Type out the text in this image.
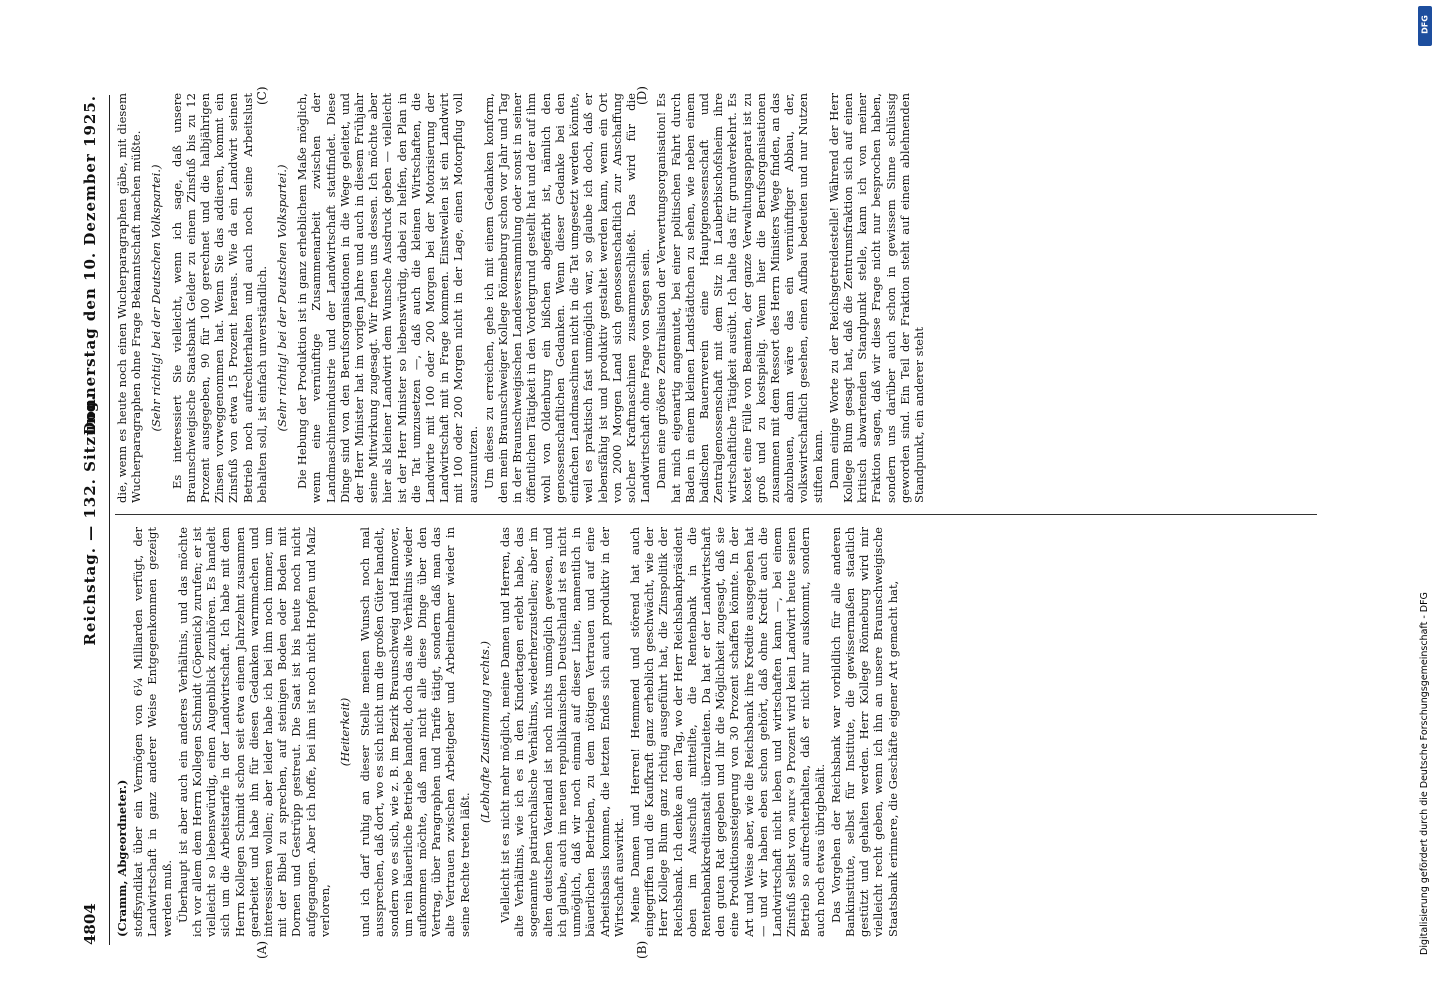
4804
Reichstag. — 132. Sitzung.
Donnerstag den 10. Dezember 1925.
(A)	(B)
(C)	(D)

(Cramm, Abgeordneter.) stoffsyndikat über ein Vermögen von 6¼ Milliarden verfügt, der Landwirtschaft in ganz anderer Weise Entgegenkommen gezeigt werden muß. Überhaupt ist aber auch ein anderes Verhältnis, und das möchte ich vor allem dem Herrn Kollegen Schmidt (Cöpenick) zurufen; er ist vielleicht so liebenswürdig, einen Augenblick zuzuhören. Es handelt sich um die Arbeitstarife in der Landwirtschaft. Ich habe mit dem Herrn Kollegen Schmidt schon seit etwa einem Jahrzehnt zusammen gearbeitet und habe ihn für diesen Gedanken warmmachen und interessieren wollen; aber leider habe ich bei ihm noch immer, um mit der Bibel zu sprechen, auf steinigen Boden oder Boden mit Dornen und Gestrüpp gestreut. Die Saat ist bis heute noch nicht aufgegangen. Aber ich hoffe, bei ihm ist noch nicht Hopfen und Malz verloren,

(Heiterkeit) und ich darf ruhig an dieser Stelle meinen Wunsch noch mal aussprechen, daß dort, wo es sich nicht um die großen Güter handelt, sondern wo es sich, wie z. B. im Bezirk Braunschweig und Hannover, um rein bäuerliche Betriebe handelt, doch das alte Verhältnis wieder aufkommen möchte, daß man nicht alle diese Dinge über den Vertrag, über Paragraphen und Tarife tätigt, sondern daß man das alte Vertrauen zwischen Arbeitgeber und Arbeitnehmer wieder in seine Rechte treten läßt.

(Lebhafte Zustimmung rechts.) Vielleicht ist es nicht mehr möglich, meine Damen und Herren, das alte Verhältnis, wie ich es in den Kindertagen erlebt habe, das sogenannte patriarchalische Verhältnis, wiederherzustellen; aber im alten deutschen Vaterland ist noch nichts unmöglich gewesen, und ich glaube, auch im neuen republikanischen Deutschland ist es nicht unmöglich, daß wir noch einmal auf dieser Linie, namentlich in bäuerlichen Betrieben, zu dem nötigen Vertrauen und auf eine Arbeitsbasis kommen, die letzten Endes sich auch produktiv in der Wirtschaft auswirkt. Meine Damen und Herren! Hemmend und störend hat auch eingegriffen und die Kaufkraft ganz erheblich geschwächt, wie der Herr Kollege Blum ganz richtig ausgeführt hat, die Zinspolitik der Reichsbank. Ich denke an den Tag, wo der Herr Reichsbankpräsident oben im Ausschuß mitteilte, die Rentenbank in die Rentenbankkreditanstalt überzuleiten. Da hat er der Landwirtschaft den guten Rat gegeben und ihr die Möglichkeit zugesagt, daß sie eine Produktionssteigerung von 30 Prozent schaffen könnte. In der Art und Weise aber, wie die Reichsbank ihre Kredite ausgegeben hat — und wir haben eben schon gehört, daß ohne Kredit auch die Landwirtschaft nicht leben und wirtschaften kann —, bei einem Zinsfuß selbst von »nur« 9 Prozent wird kein Landwirt heute seinen Betrieb so aufrechterhalten, daß er nicht nur auskommt, sondern auch noch etwas übrigbehält. Das Vorgehen der Reichsbank war vorbildlich für alle anderen Bankinstitute, selbst für Institute, die gewissermaßen staatlich gestützt und gehalten werden. Herr Kollege Rönneburg wird mir vielleicht recht geben, wenn ich ihn an unsere Braunschweigische Staatsbank erinnere, die Geschäfte eigener Art gemacht hat,

die, wenn es heute noch einen Wucherparagraphen gäbe, mit diesem Wucherparagraphen ohne Frage Bekanntschaft machen müßte. (Sehr richtig! bei der Deutschen Volkspartei.) Es interessiert Sie vielleicht, wenn ich sage, daß unsere Braunschweigische Staatsbank Gelder zu einem Zinsfuß bis zu 12 Prozent ausgegeben, 90 für 100 gerechnet und die halbjährigen Zinsen vorweggenommen hat. Wenn Sie das addieren, kommt ein Zinsfuß von etwa 15 Prozent heraus. Wie da ein Landwirt seinen Betrieb noch aufrechterhalten und auch noch seine Arbeitslust behalten soll, ist einfach unverständlich. (Sehr richtig! bei der Deutschen Volkspartei.) Die Hebung der Produktion ist in ganz erheblichem Maße möglich, wenn eine vernünftige Zusammenarbeit zwischen der Landmaschinenindustrie und der Landwirtschaft stattfindet. Diese Dinge sind von den Berufsorganisationen in die Wege geleitet, und der Herr Minister hat im vorigen Jahre und auch in diesem Frühjahr seine Mitwirkung zugesagt. Wir freuen uns dessen. Ich möchte aber hier als kleiner Landwirt dem Wunsche Ausdruck geben — vielleicht ist der Herr Minister so liebenswürdig, dabei zu helfen, den Plan in die Tat umzusetzen —, daß auch die kleinen Wirtschaften, die Landwirte mit 100 oder 200 Morgen bei der Motorisierung der Landwirtschaft mit in Frage kommen. Einstweilen ist ein Landwirt mit 100 oder 200 Morgen nicht in der Lage, einen Motorpflug voll auszunutzen. Um dieses zu erreichen, gehe ich mit einem Gedanken konform, den mein Braunschweiger Kollege Rönneburg schon vor Jahr und Tag in der Braunschweigischen Landesversammlung oder sonst in seiner öffentlichen Tätigkeit in den Vordergrund gestellt hat und der auf ihm wohl von Oldenburg ein bißchen abgefärbt ist, nämlich den genossenschaftlichen Gedanken. Wenn dieser Gedanke bei den einfachen Landmaschinen nicht in die Tat umgesetzt werden könnte, weil es praktisch fast unmöglich war, so glaube ich doch, daß er lebensfähig ist und produktiv gestaltet werden kann, wenn ein Ort von 2000 Morgen Land sich genossenschaftlich zur Anschaffung solcher Kraftmaschinen zusammenschließt. Das wird für die Landwirtschaft ohne Frage von Segen sein. Dann eine größere Zentralisation der Verwertungsorganisation! Es hat mich eigenartig angemutet, bei einer politischen Fahrt durch Baden in einem kleinen Landstädtchen zu sehen, wie neben einem badischen Bauernverein eine Hauptgenossenschaft und Zentralgenossenschaft mit dem Sitz in Lauberbischofsheim ihre wirtschaftliche Tätigkeit ausübt. Ich halte das für grundverkehrt. Es kostet eine Fülle von Beamten, der ganze Verwaltungsapparat ist zu groß und zu kostspielig. Wenn hier die Berufsorganisationen zusammen mit dem Ressort des Herrn Ministers Wege finden, an das abzubauen, dann wäre das ein vernünftiger Abbau, der, volkswirtschaftlich gesehen, einen Aufbau bedeuten und nur Nutzen stiften kann. Dann einige Worte zu der Reichsgetreidestelle! Während der Herr Kollege Blum gesagt hat, daß die Zentrumsfraktion sich auf einen kritisch abwartenden Standpunkt stelle, kann ich von meiner Fraktion sagen, daß wir diese Frage nicht nur besprochen haben, sondern uns darüber auch schon in gewissem Sinne schlüssig geworden sind. Ein Teil der Fraktion steht auf einem ablehnenden Standpunkt, ein anderer steht

DFG
Digitalisierung gefördert durch die Deutsche Forschungsgemeinschaft - DFG
